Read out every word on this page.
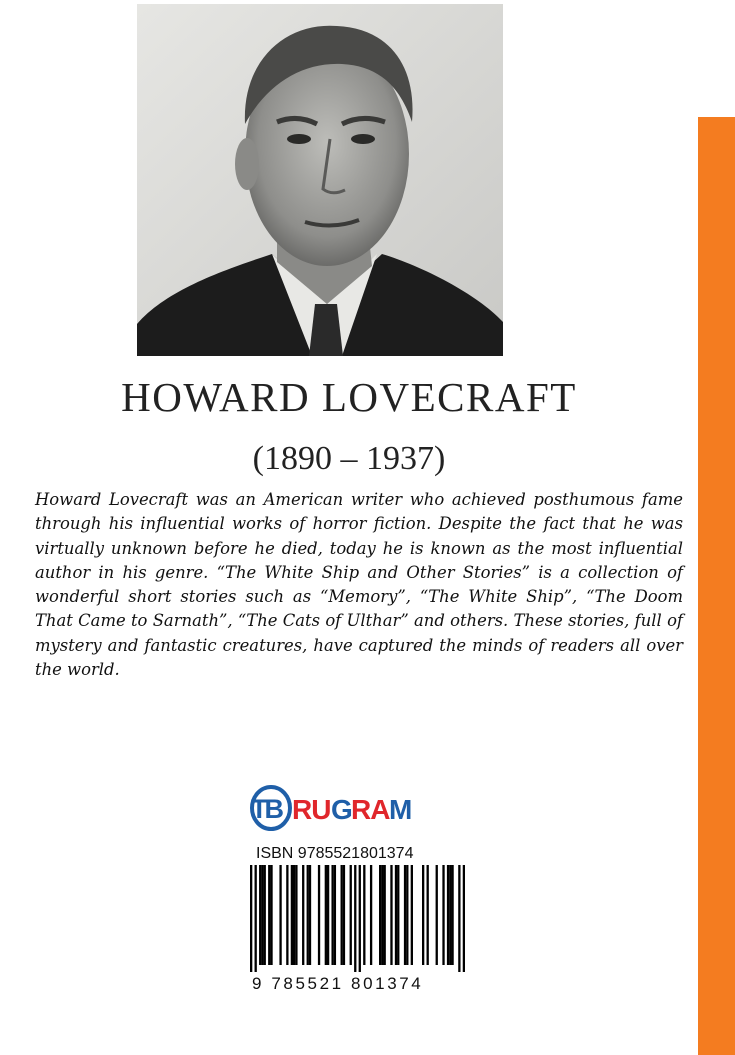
HOWARD LOVECRAFT
(1890 – 1937)

Howard Lovecraft was an American writer who achieved posthumous fame through his influential works of horror fiction. Despite the fact that he was virtually unknown before he died, today he is known as the most influential author in his genre. “The White Ship and Other Stories” is a collection of wonderful short stories such as “Memory”, “The White Ship”, “The Doom That Came to Sarnath”, “The Cats of Ulthar” and others. These stories, full of mystery and fantastic creatures, have captured the minds of readers all over the world.

TB RU G
RA M
ISBN 9785521801374
9 785521 801374
